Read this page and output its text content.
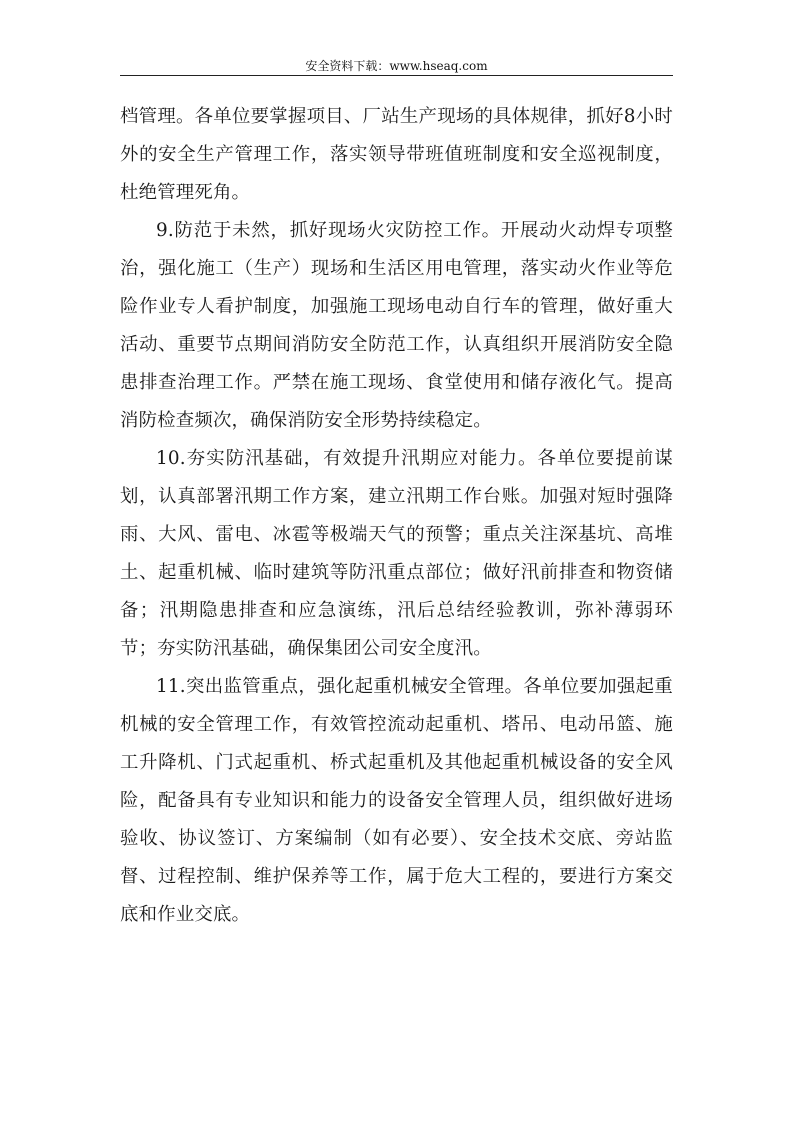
安全资料下载：www.hseaq.com

档管理。各单位要掌握项目、厂站生产现场的具体规律，抓好8小时外的安全生产管理工作，落实领导带班值班制度和安全巡视制度，杜绝管理死角。

9.防范于未然，抓好现场火灾防控工作。开展动火动焊专项整治，强化施工（生产）现场和生活区用电管理，落实动火作业等危险作业专人看护制度，加强施工现场电动自行车的管理，做好重大活动、重要节点期间消防安全防范工作，认真组织开展消防安全隐患排查治理工作。严禁在施工现场、食堂使用和储存液化气。提高消防检查频次，确保消防安全形势持续稳定。

10.夯实防汛基础，有效提升汛期应对能力。各单位要提前谋划，认真部署汛期工作方案，建立汛期工作台账。加强对短时强降雨、大风、雷电、冰雹等极端天气的预警；重点关注深基坑、高堆土、起重机械、临时建筑等防汛重点部位；做好汛前排查和物资储备；汛期隐患排查和应急演练，汛后总结经验教训，弥补薄弱环节；夯实防汛基础，确保集团公司安全度汛。

11.突出监管重点，强化起重机械安全管理。各单位要加强起重机械的安全管理工作，有效管控流动起重机、塔吊、电动吊篮、施工升降机、门式起重机、桥式起重机及其他起重机械设备的安全风险，配备具有专业知识和能力的设备安全管理人员，组织做好进场验收、协议签订、方案编制（如有必要）、安全技术交底、旁站监督、过程控制、维护保养等工作，属于危大工程的，要进行方案交底和作业交底。
